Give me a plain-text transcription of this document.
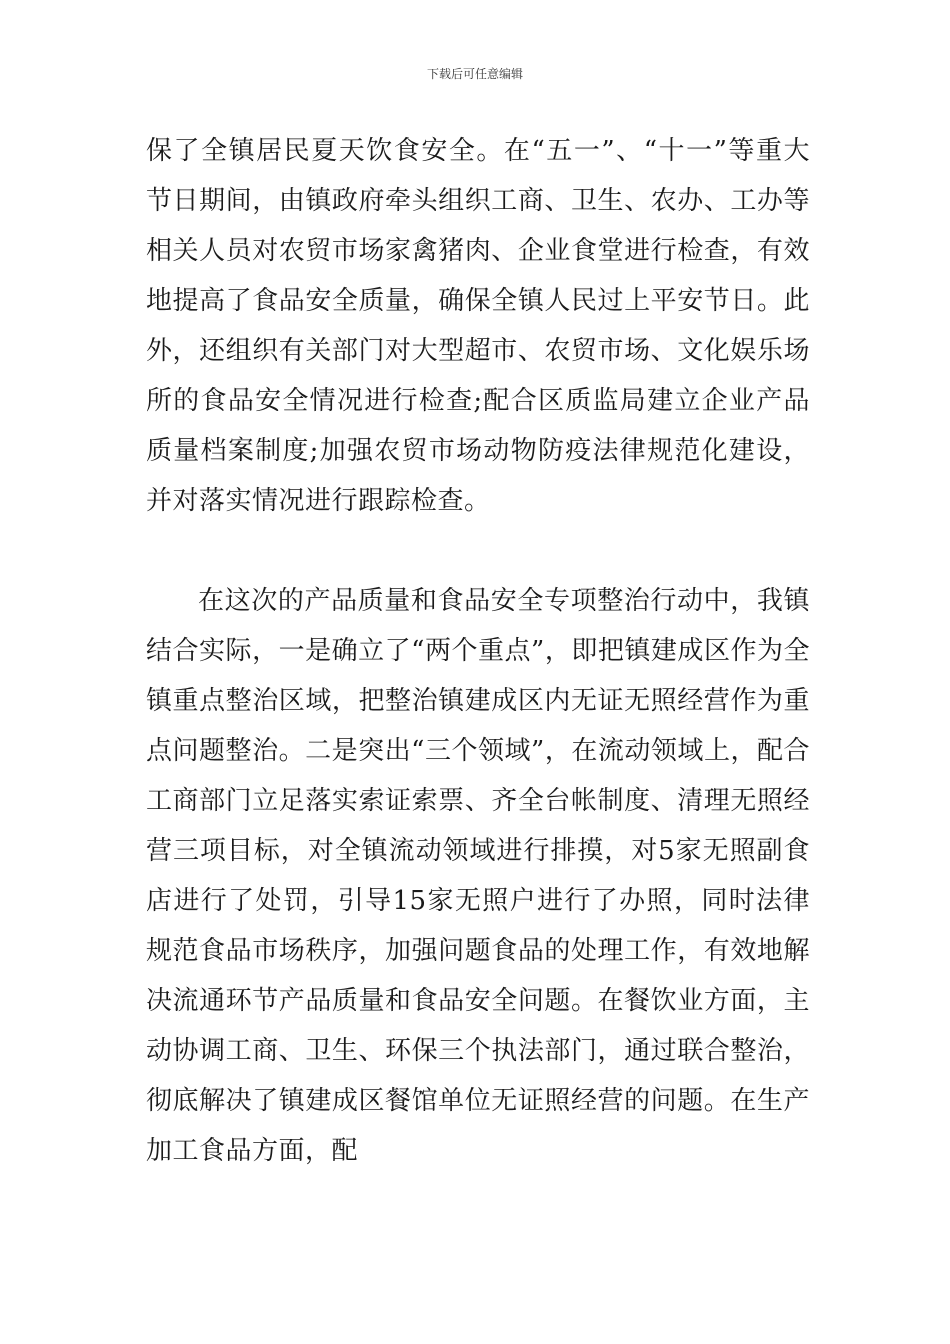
下载后可任意编辑

保了全镇居民夏天饮食安全。在“五一”、“十一”等重大节日期间，由镇政府牵头组织工商、卫生、农办、工办等相关人员对农贸市场家禽猪肉、企业食堂进行检查，有效地提高了食品安全质量，确保全镇人民过上平安节日。此外，还组织有关部门对大型超市、农贸市场、文化娱乐场所的食品安全情况进行检查;配合区质监局建立企业产品质量档案制度;加强农贸市场动物防疫法律规范化建设，并对落实情况进行跟踪检查。

在这次的产品质量和食品安全专项整治行动中，我镇结合实际，一是确立了“两个重点”，即把镇建成区作为全镇重点整治区域，把整治镇建成区内无证无照经营作为重点问题整治。二是突出“三个领域”，在流动领域上，配合工商部门立足落实索证索票、齐全台帐制度、清理无照经营三项目标，对全镇流动领域进行排摸，对5家无照副食店进行了处罚，引导15家无照户进行了办照，同时法律规范食品市场秩序，加强问题食品的处理工作，有效地解决流通环节产品质量和食品安全问题。在餐饮业方面，主动协调工商、卫生、环保三个执法部门，通过联合整治，彻底解决了镇建成区餐馆单位无证照经营的问题。在生产加工食品方面，配
